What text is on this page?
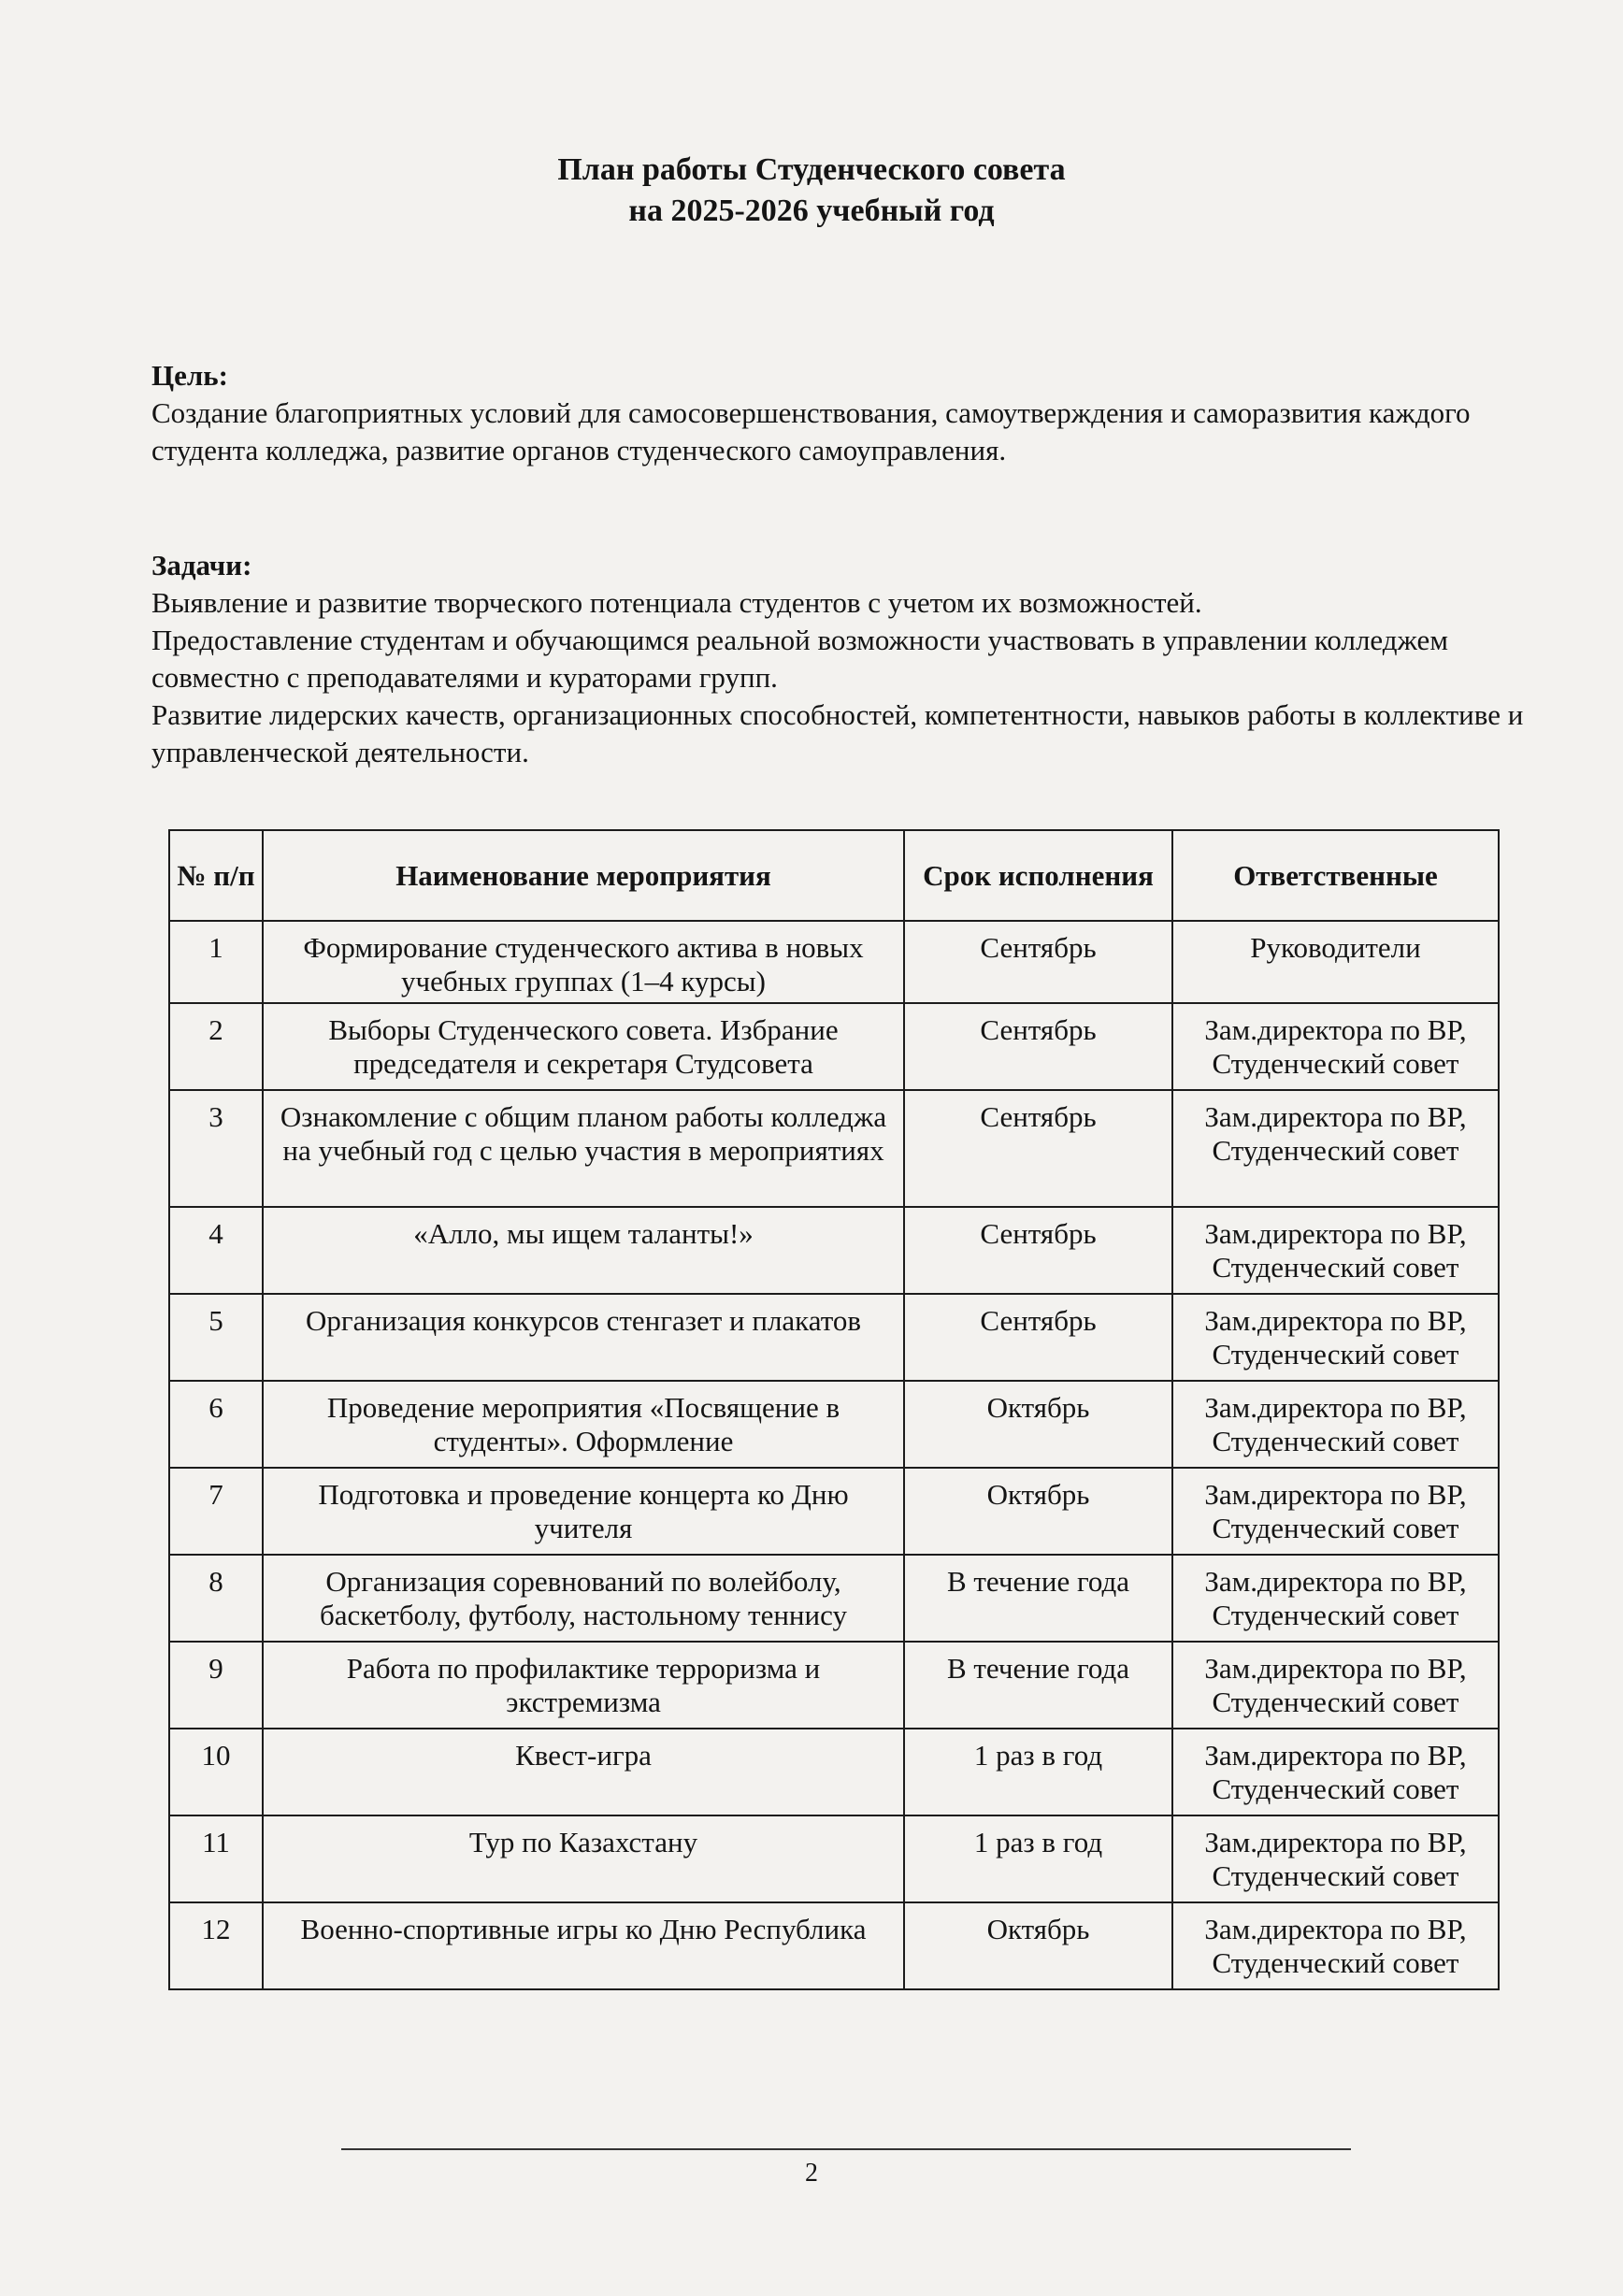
План работы Студенческого совета
на 2025-2026 учебный год
Цель:

Создание благоприятных условий для самосовершенствования, самоутверждения и саморазвития каждого студента колледжа, развитие органов студенческого самоуправления.

Задачи:

Выявление и развитие творческого потенциала студентов с учетом их возможностей.

Предоставление студентам и обучающимся реальной возможности участвовать в управлении колледжем совместно с преподавателями и кураторами групп.

Развитие лидерских качеств, организационных способностей, компетентности, навыков работы в коллективе и управленческой деятельности.

№ п/п	Наименование мероприятия	Срок исполнения	Ответственные
1	Формирование студенческого актива в новых учебных группах (1–4 курсы)	Сентябрь	Руководители
2	Выборы Студенческого совета. Избрание председателя и секретаря Студсовета	Сентябрь	Зам.директора по ВР, Студенческий совет
3	Ознакомление с общим планом работы колледжа на учебный год с целью участия в мероприятиях	Сентябрь	Зам.директора по ВР, Студенческий совет
4	«Алло, мы ищем таланты!»	Сентябрь	Зам.директора по ВР, Студенческий совет
5	Организация конкурсов стенгазет и плакатов	Сентябрь	Зам.директора по ВР, Студенческий совет
6	Проведение мероприятия «Посвящение в студенты». Оформление	Октябрь	Зам.директора по ВР, Студенческий совет
7	Подготовка и проведение концерта ко Дню учителя	Октябрь	Зам.директора по ВР, Студенческий совет
8	Организация соревнований по волейболу, баскетболу, футболу, настольному теннису	В течение года	Зам.директора по ВР, Студенческий совет
9	Работа по профилактике терроризма и экстремизма	В течение года	Зам.директора по ВР, Студенческий совет
10	Квест-игра	1 раз в год	Зам.директора по ВР, Студенческий совет
11	Тур по Казахстану	1 раз в год	Зам.директора по ВР, Студенческий совет
12	Военно-спортивные игры ко Дню Республика	Октябрь	Зам.директора по ВР, Студенческий совет
2
